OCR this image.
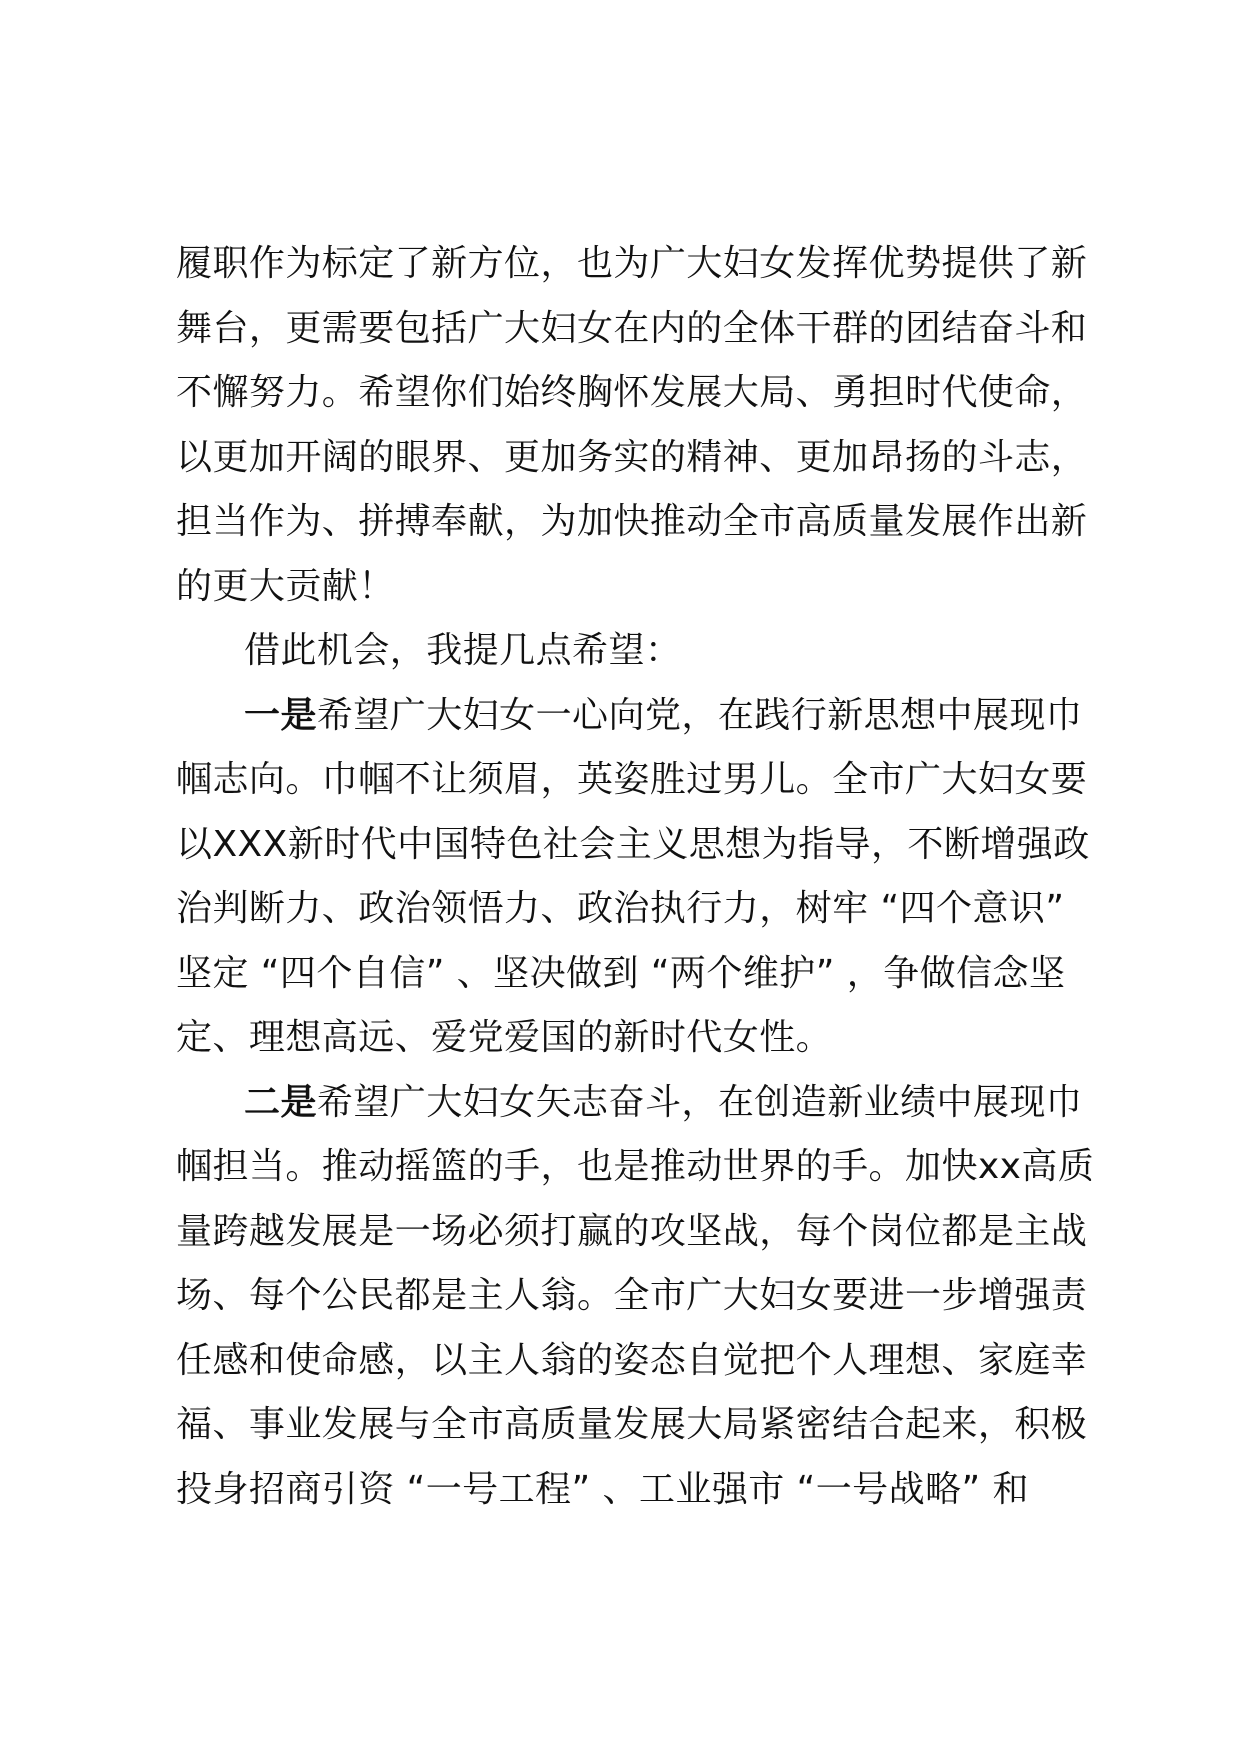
履职作为标定了新方位，也为广大妇女发挥优势提供了新

舞台，更需要包括广大妇女在内的全体干群的团结奋斗和

不懈努力。希望你们始终胸怀发展大局、勇担时代使命，

以更加开阔的眼界、更加务实的精神、更加昂扬的斗志，

担当作为、拼搏奉献，为加快推动全市高质量发展作出新

的更大贡献！

借此机会，我提几点希望：

一是希望广大妇女一心向党，在践行新思想中展现巾

帼志向。巾帼不让须眉，英姿胜过男儿。全市广大妇女要

以XXX新时代中国特色社会主义思想为指导，不断增强政

治判断力、政治领悟力、政治执行力，树牢 “四个意识”

坚定 “四个自信” 、坚决做到 “两个维护” ，争做信念坚

定、理想高远、爱党爱国的新时代女性。

二是希望广大妇女矢志奋斗，在创造新业绩中展现巾

帼担当。推动摇篮的手，也是推动世界的手。加快xx高质

量跨越发展是一场必须打赢的攻坚战，每个岗位都是主战

场、每个公民都是主人翁。全市广大妇女要进一步增强责

任感和使命感，以主人翁的姿态自觉把个人理想、家庭幸

福、事业发展与全市高质量发展大局紧密结合起来，积极

投身招商引资 “一号工程” 、工业强市 “一号战略” 和
